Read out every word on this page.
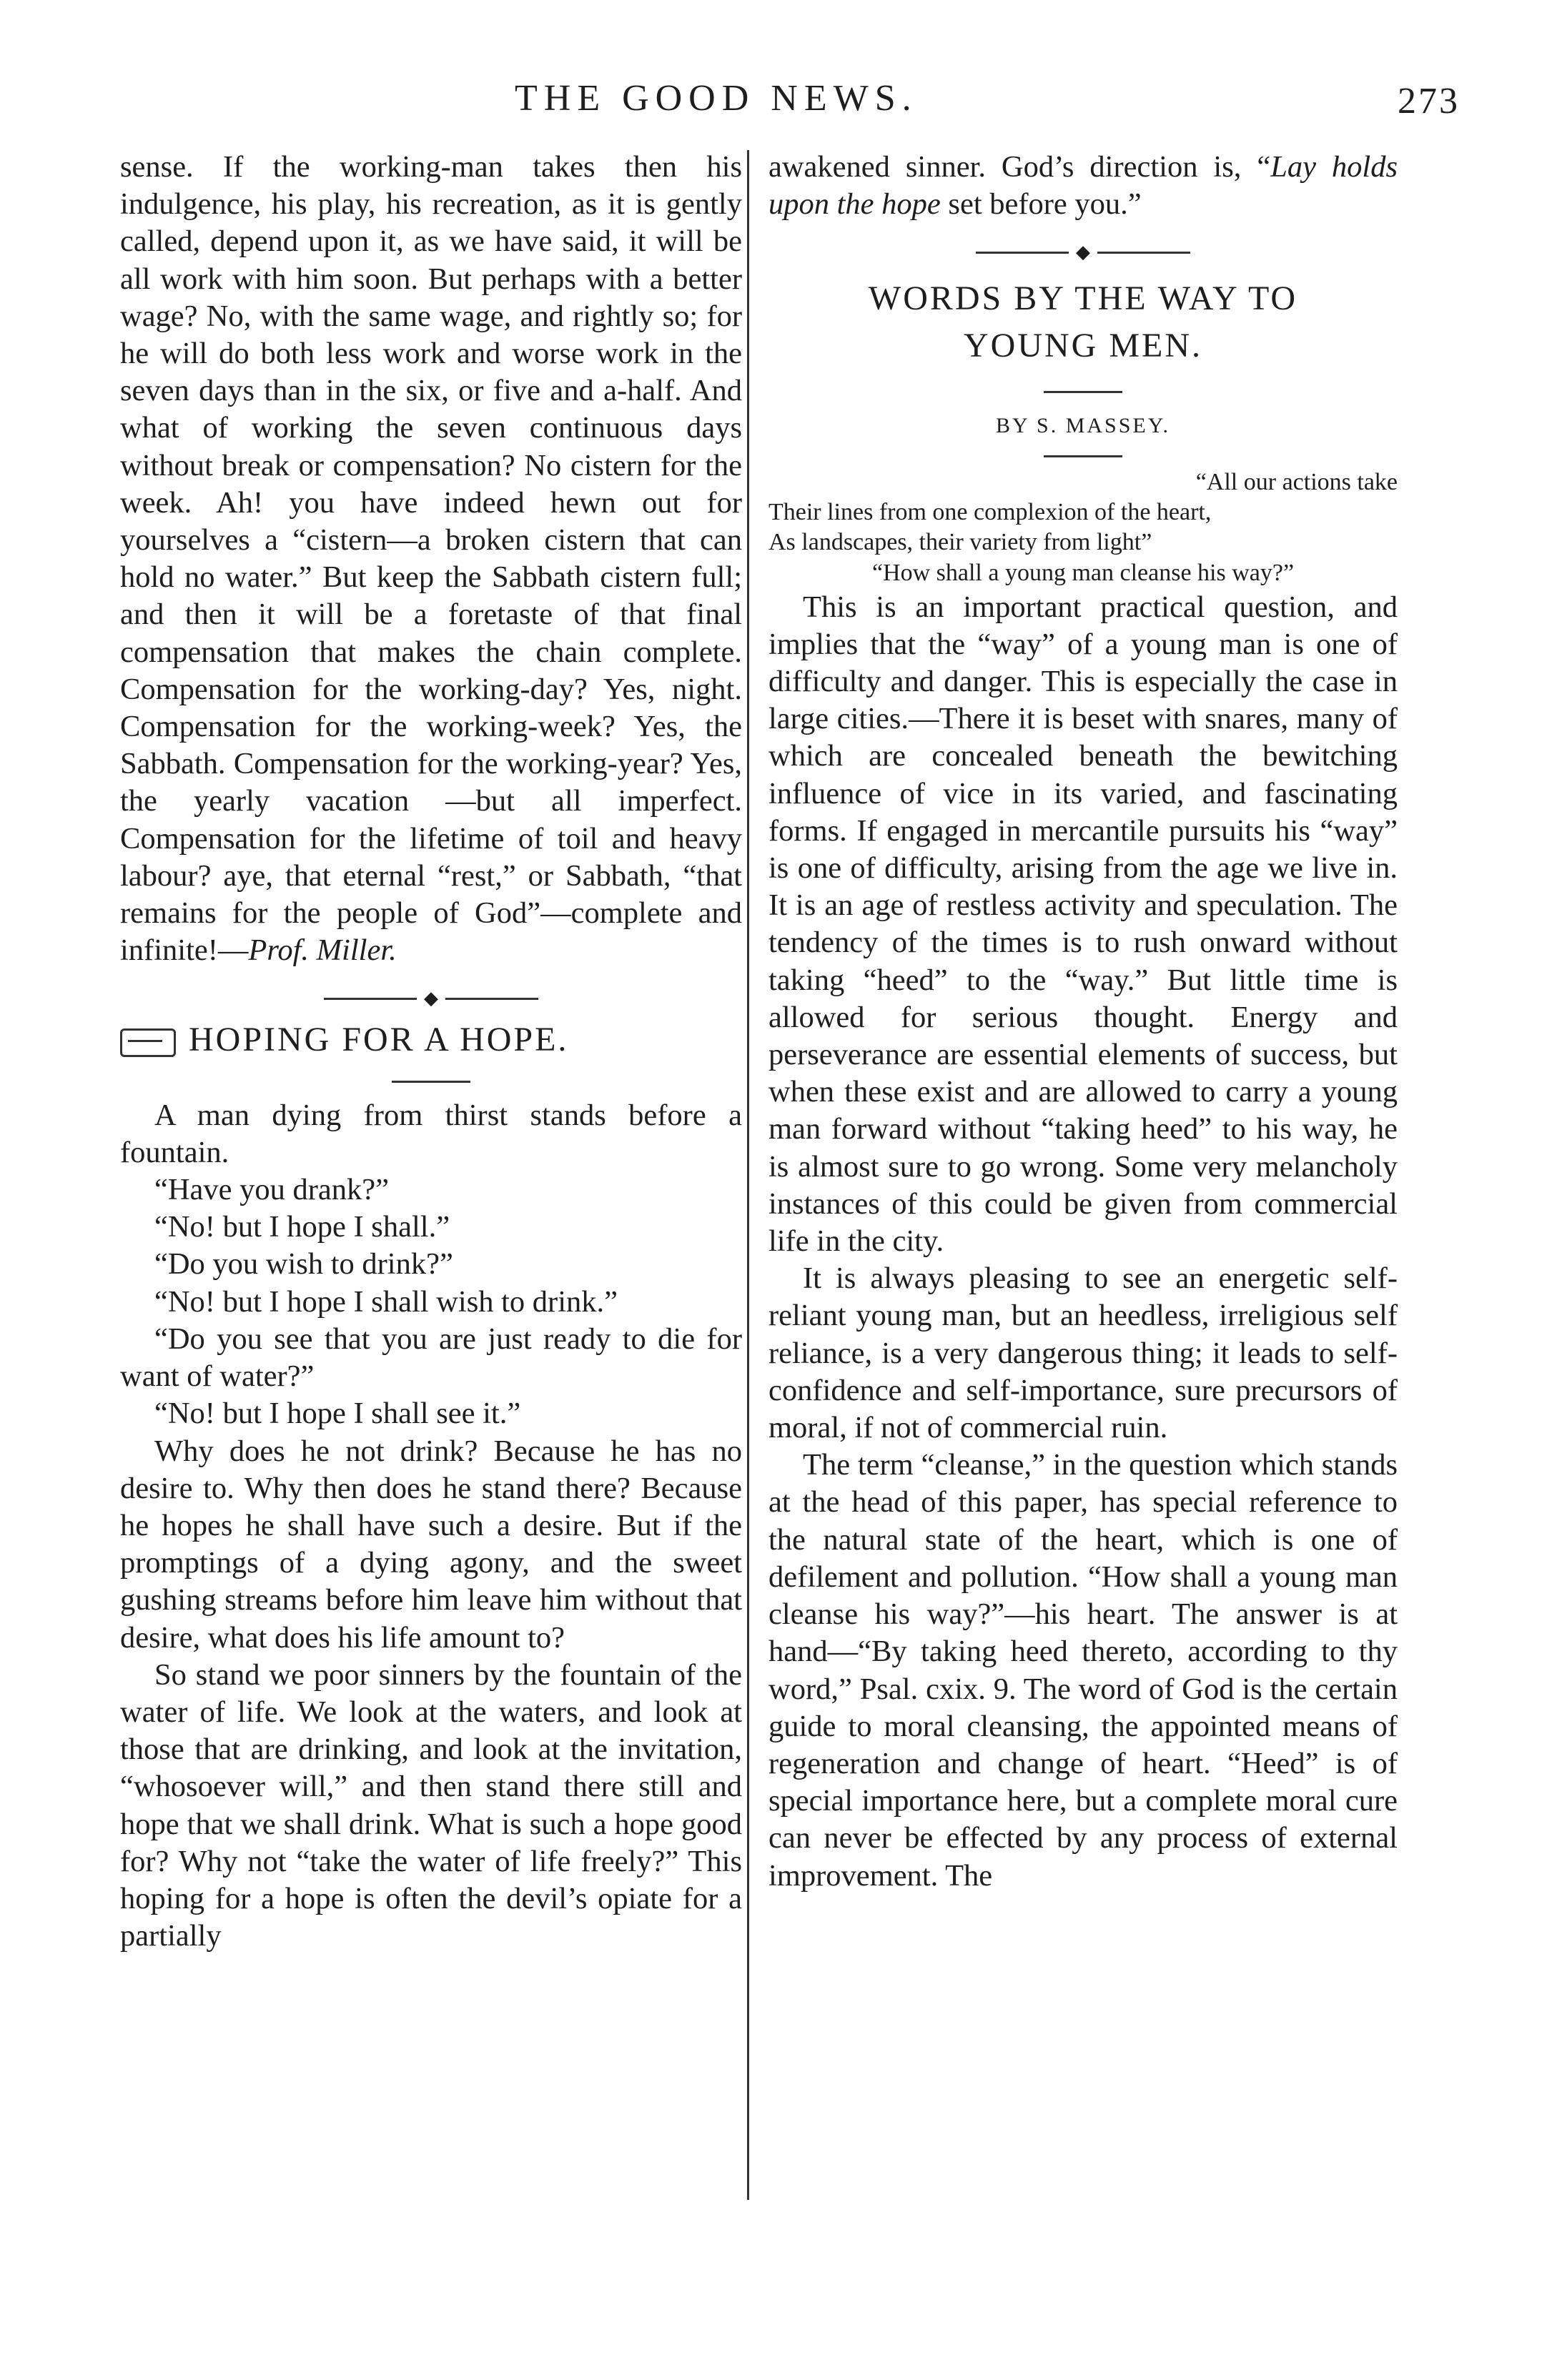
THE GOOD NEWS.	273

sense. If the working-man takes then his indulgence, his play, his recreation, as it is gently called, depend upon it, as we have said, it will be all work with him soon. But perhaps with a better wage? No, with the same wage, and rightly so; for he will do both less work and worse work in the seven days than in the six, or five and a-half. And what of working the seven continuous days without break or compensation? No cistern for the week. Ah! you have indeed hewn out for yourselves a “cistern—a broken cistern that can hold no water.” But keep the Sabbath cistern full; and then it will be a foretaste of that final compensation that makes the chain complete. Compensation for the working-day? Yes, night. Compensation for the working-week? Yes, the Sabbath. Compensation for the working-year? Yes, the yearly vacation —but all imperfect. Compensation for the lifetime of toil and heavy labour? aye, that eternal “rest,” or Sabbath, “that remains for the people of God”—complete and infinite!—Prof. Miller.

◆

HOPING FOR A HOPE.

A man dying from thirst stands before a fountain.

“Have you drank?”

“No! but I hope I shall.”

“Do you wish to drink?”

“No! but I hope I shall wish to drink.”

“Do you see that you are just ready to die for want of water?”

“No! but I hope I shall see it.”

Why does he not drink? Because he has no desire to. Why then does he stand there? Because he hopes he shall have such a desire. But if the promptings of a dying agony, and the sweet gushing streams before him leave him without that desire, what does his life amount to?

So stand we poor sinners by the fountain of the water of life. We look at the waters, and look at those that are drinking, and look at the invitation, “whosoever will,” and then stand there still and hope that we shall drink. What is such a hope good for? Why not “take the water of life freely?” This hoping for a hope is often the devil’s opiate for a partially

awakened sinner. God’s direction is, “Lay holds upon the hope set before you.”

◆

WORDS BY THE WAY TO

YOUNG MEN.

BY S. MASSEY.

“All our actions take

Their lines from one complexion of the heart,

As landscapes, their variety from light”

“How shall a young man cleanse his way?”

This is an important practical question, and implies that the “way” of a young man is one of difficulty and danger. This is especially the case in large cities.—There it is beset with snares, many of which are concealed beneath the bewitching influence of vice in its varied, and fascinating forms. If engaged in mercantile pursuits his “way” is one of difficulty, arising from the age we live in. It is an age of restless activity and speculation. The tendency of the times is to rush onward without taking “heed” to the “way.” But little time is allowed for serious thought. Energy and perseverance are essential elements of success, but when these exist and are allowed to carry a young man forward without “taking heed” to his way, he is almost sure to go wrong. Some very melancholy instances of this could be given from commercial life in the city.

It is always pleasing to see an energetic self-reliant young man, but an heedless, irreligious self reliance, is a very dangerous thing; it leads to self-confidence and self-importance, sure precursors of moral, if not of commercial ruin.

The term “cleanse,” in the question which stands at the head of this paper, has special reference to the natural state of the heart, which is one of defilement and pollution. “How shall a young man cleanse his way?”—his heart. The answer is at hand—“By taking heed thereto, according to thy word,” Psal. cxix. 9. The word of God is the certain guide to moral cleansing, the appointed means of regeneration and change of heart. “Heed” is of special importance here, but a complete moral cure can never be effected by any process of external improvement. The
